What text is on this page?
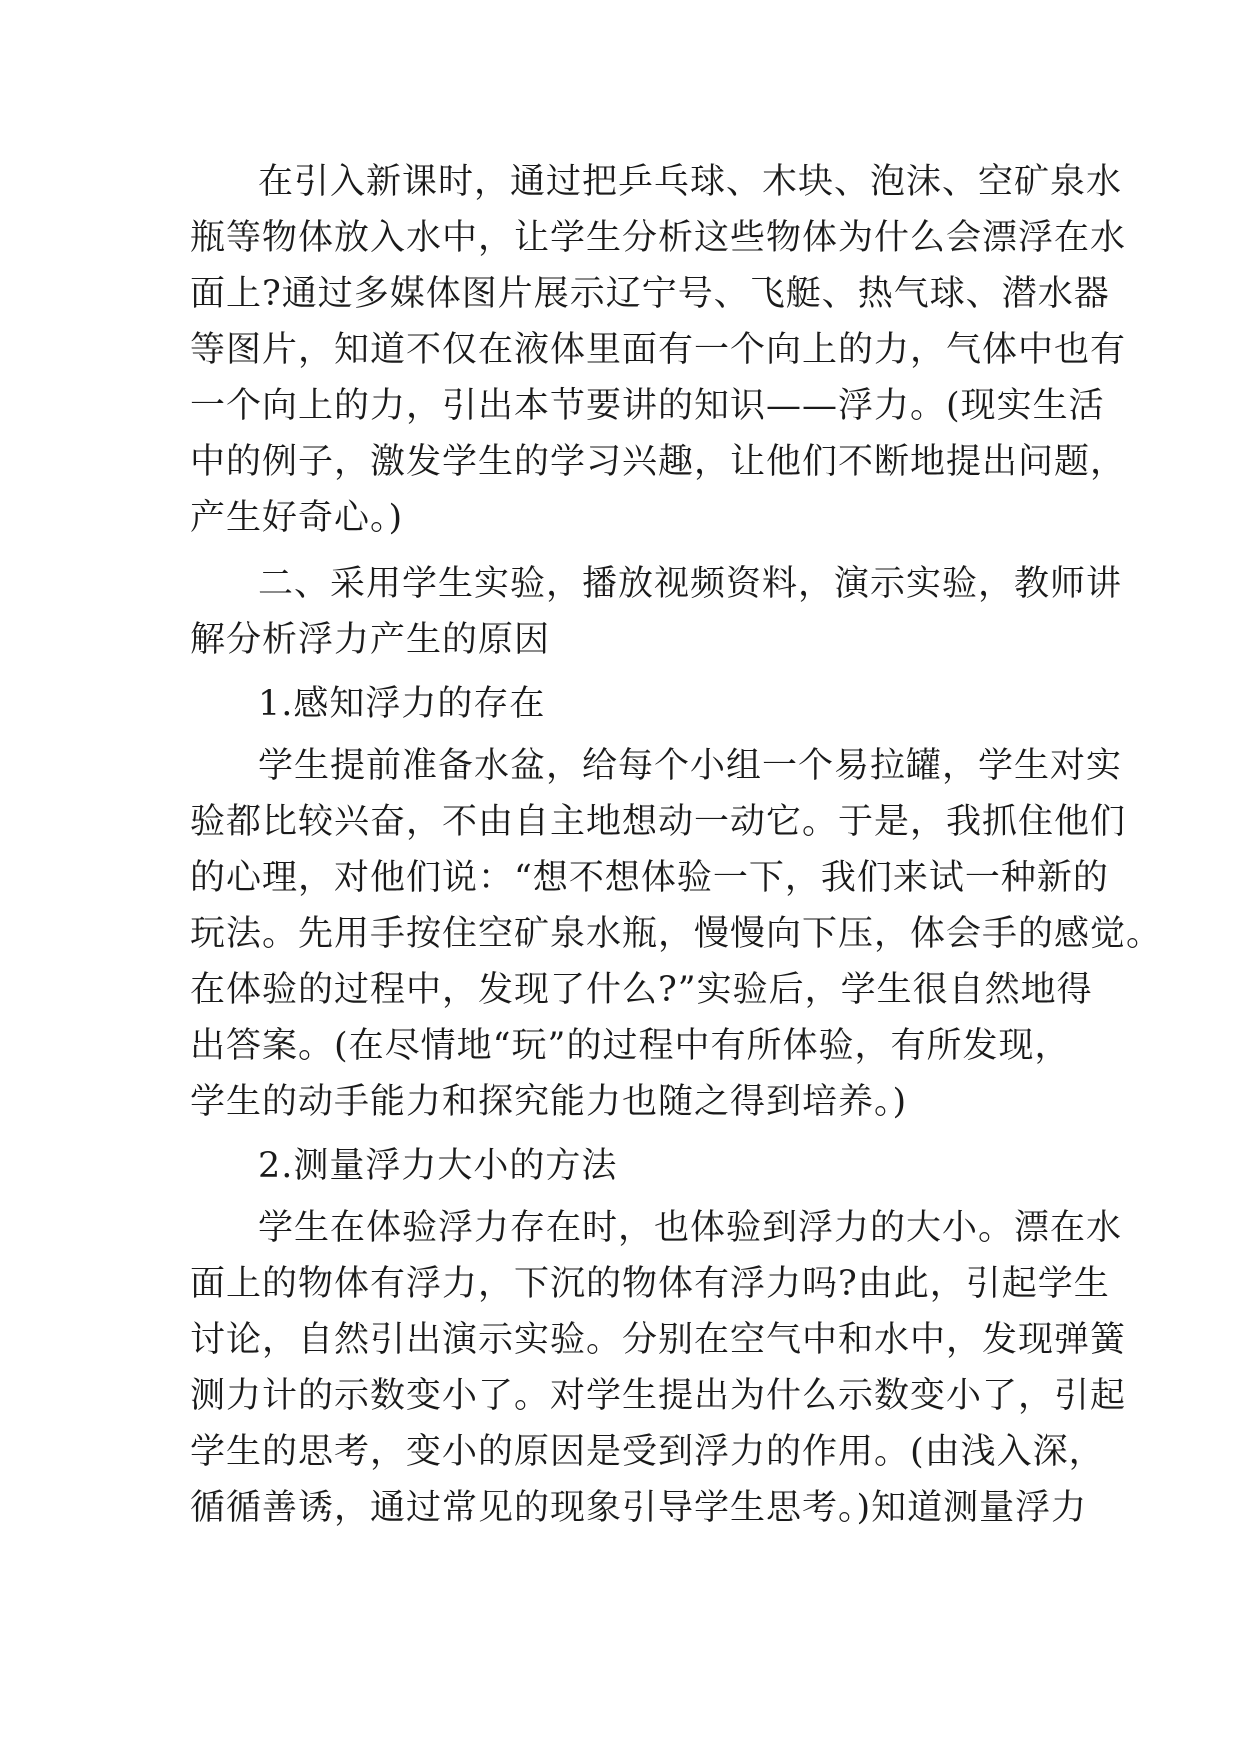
在引入新课时，通过把乒乓球、木块、泡沫、空矿泉水
瓶等物体放入水中，让学生分析这些物体为什么会漂浮在水
面上?通过多媒体图片展示辽宁号、飞艇、热气球、潜水器
等图片，知道不仅在液体里面有一个向上的力，气体中也有
一个向上的力，引出本节要讲的知识——浮力。(现实生活
中的例子，激发学生的学习兴趣，让他们不断地提出问题，
产生好奇心。)
二、采用学生实验，播放视频资料，演示实验，教师讲
解分析浮力产生的原因
1.感知浮力的存在
学生提前准备水盆，给每个小组一个易拉罐，学生对实
验都比较兴奋，不由自主地想动一动它。于是，我抓住他们
的心理，对他们说：“想不想体验一下，我们来试一种新的
玩法。先用手按住空矿泉水瓶，慢慢向下压，体会手的感觉。
在体验的过程中，发现了什么?”实验后，学生很自然地得
出答案。(在尽情地“玩”的过程中有所体验，有所发现，
学生的动手能力和探究能力也随之得到培养。)
2.测量浮力大小的方法
学生在体验浮力存在时，也体验到浮力的大小。漂在水
面上的物体有浮力，下沉的物体有浮力吗?由此，引起学生
讨论，自然引出演示实验。分别在空气中和水中，发现弹簧
测力计的示数变小了。对学生提出为什么示数变小了，引起
学生的思考，变小的原因是受到浮力的作用。(由浅入深，
循循善诱，通过常见的现象引导学生思考。)知道测量浮力
